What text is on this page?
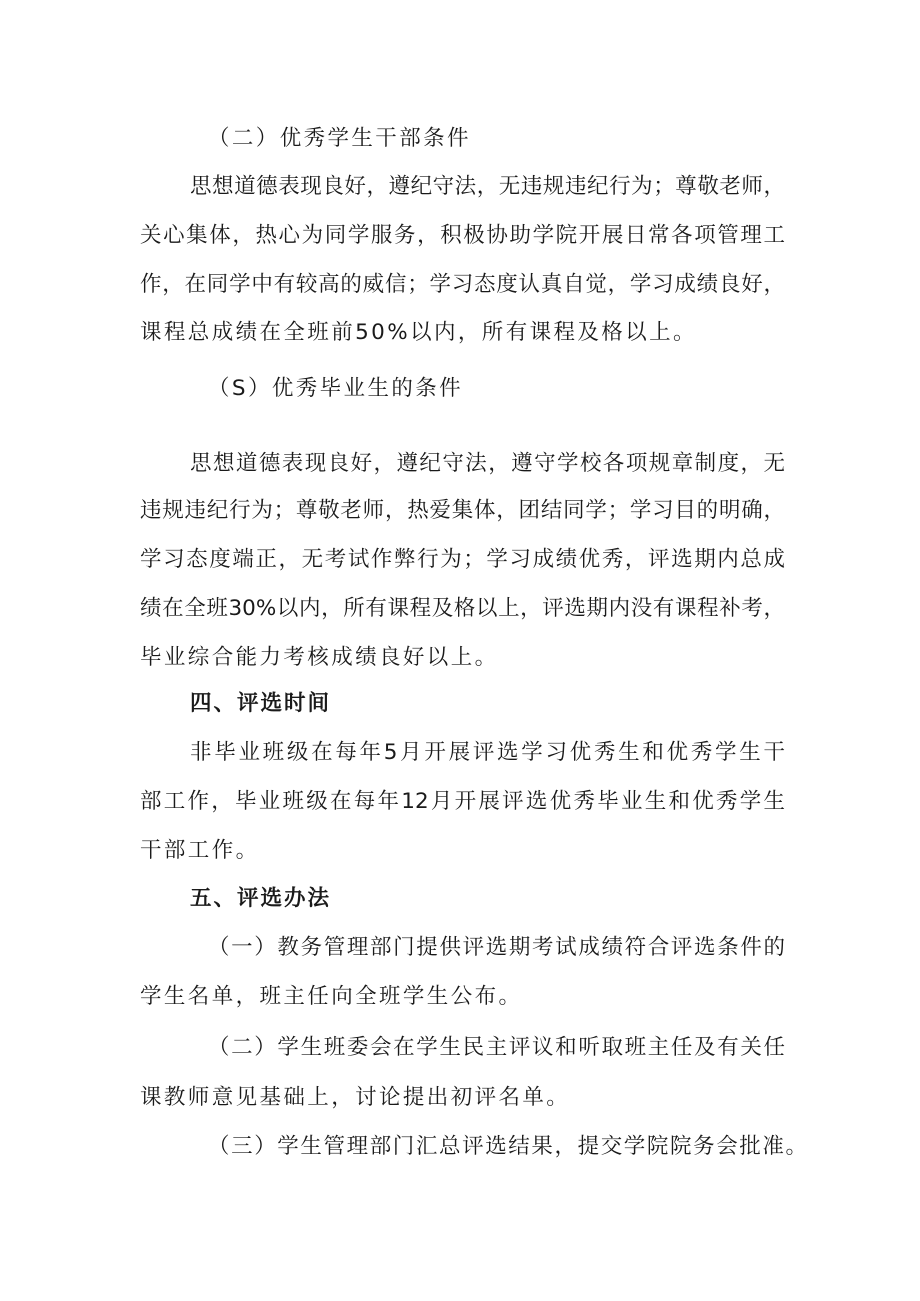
（二）优秀学生干部条件
思想道德表现良好，遵纪守法，无违规违纪行为；尊敬老师，
关心集体，热心为同学服务，积极协助学院开展日常各项管理工
作，在同学中有较高的威信；学习态度认真自觉，学习成绩良好，
课程总成绩在全班前50%以内，所有课程及格以上。
（S）优秀毕业生的条件
思想道德表现良好，遵纪守法，遵守学校各项规章制度，无
违规违纪行为；尊敬老师，热爱集体，团结同学；学习目的明确，
学习态度端正，无考试作弊行为；学习成绩优秀，评选期内总成
绩在全班30%以内，所有课程及格以上，评选期内没有课程补考，
毕业综合能力考核成绩良好以上。
四、评选时间
非毕业班级在每年5月开展评选学习优秀生和优秀学生干
部工作，毕业班级在每年12月开展评选优秀毕业生和优秀学生
干部工作。
五、评选办法
（一）教务管理部门提供评选期考试成绩符合评选条件的
学生名单，班主任向全班学生公布。
（二）学生班委会在学生民主评议和听取班主任及有关任
课教师意见基础上，讨论提出初评名单。
（三）学生管理部门汇总评选结果，提交学院院务会批准。
